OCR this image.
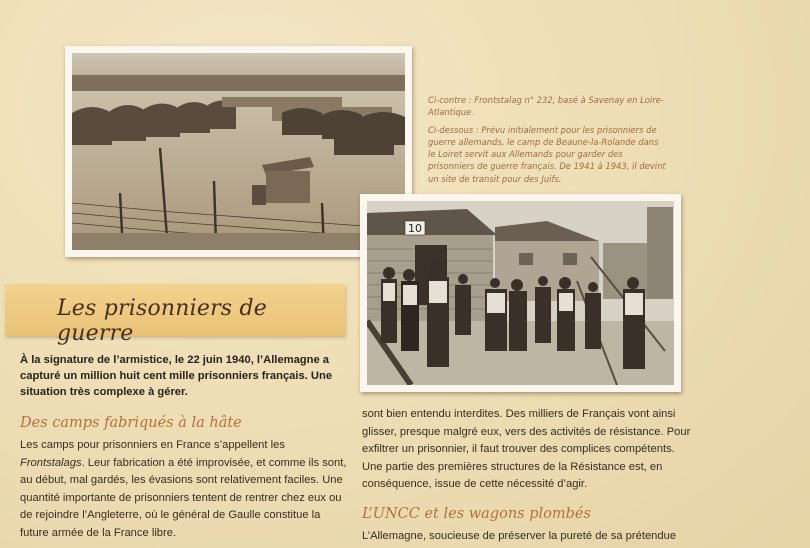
Ci-contre : Frontstalag n° 232, basé à Savenay en Loire-Atlantique.

Ci-dessous : Prévu initialement pour les prisonniers de guerre allemands, le camp de Beaune-la-Rolande dans le Loiret servit aux Allemands pour garder des prisonniers de guerre français. De 1941 à 1943, il devint un site de transit pour des Juifs.

10
Les prisonniers de guerre
À la signature de l’armistice, le 22 juin 1940, l’Allemagne a capturé un million huit cent mille prisonniers français. Une situation très complexe à gérer.
Des camps fabriqués à la hâte
Les camps pour prisonniers en France s’appellent les Frontstalags. Leur fabrication a été improvisée, et comme ils sont, au début, mal gardés, les évasions sont relativement faciles. Une quantité importante de prisonniers tentent de rentrer chez eux ou de rejoindre l’Angleterre, où le général de Gaulle constitue la future armée de la France libre.
sont bien entendu interdites. Des milliers de Français vont ainsi glisser, presque malgré eux, vers des activités de résistance. Pour exfiltrer un prisonnier, il faut trouver des complices compétents. Une partie des premières structures de la Résistance est, en conséquence, issue de cette nécessité d’agir.
L’UNCC et les wagons plombés
L’Allemagne, soucieuse de préserver la pureté de sa prétendue
